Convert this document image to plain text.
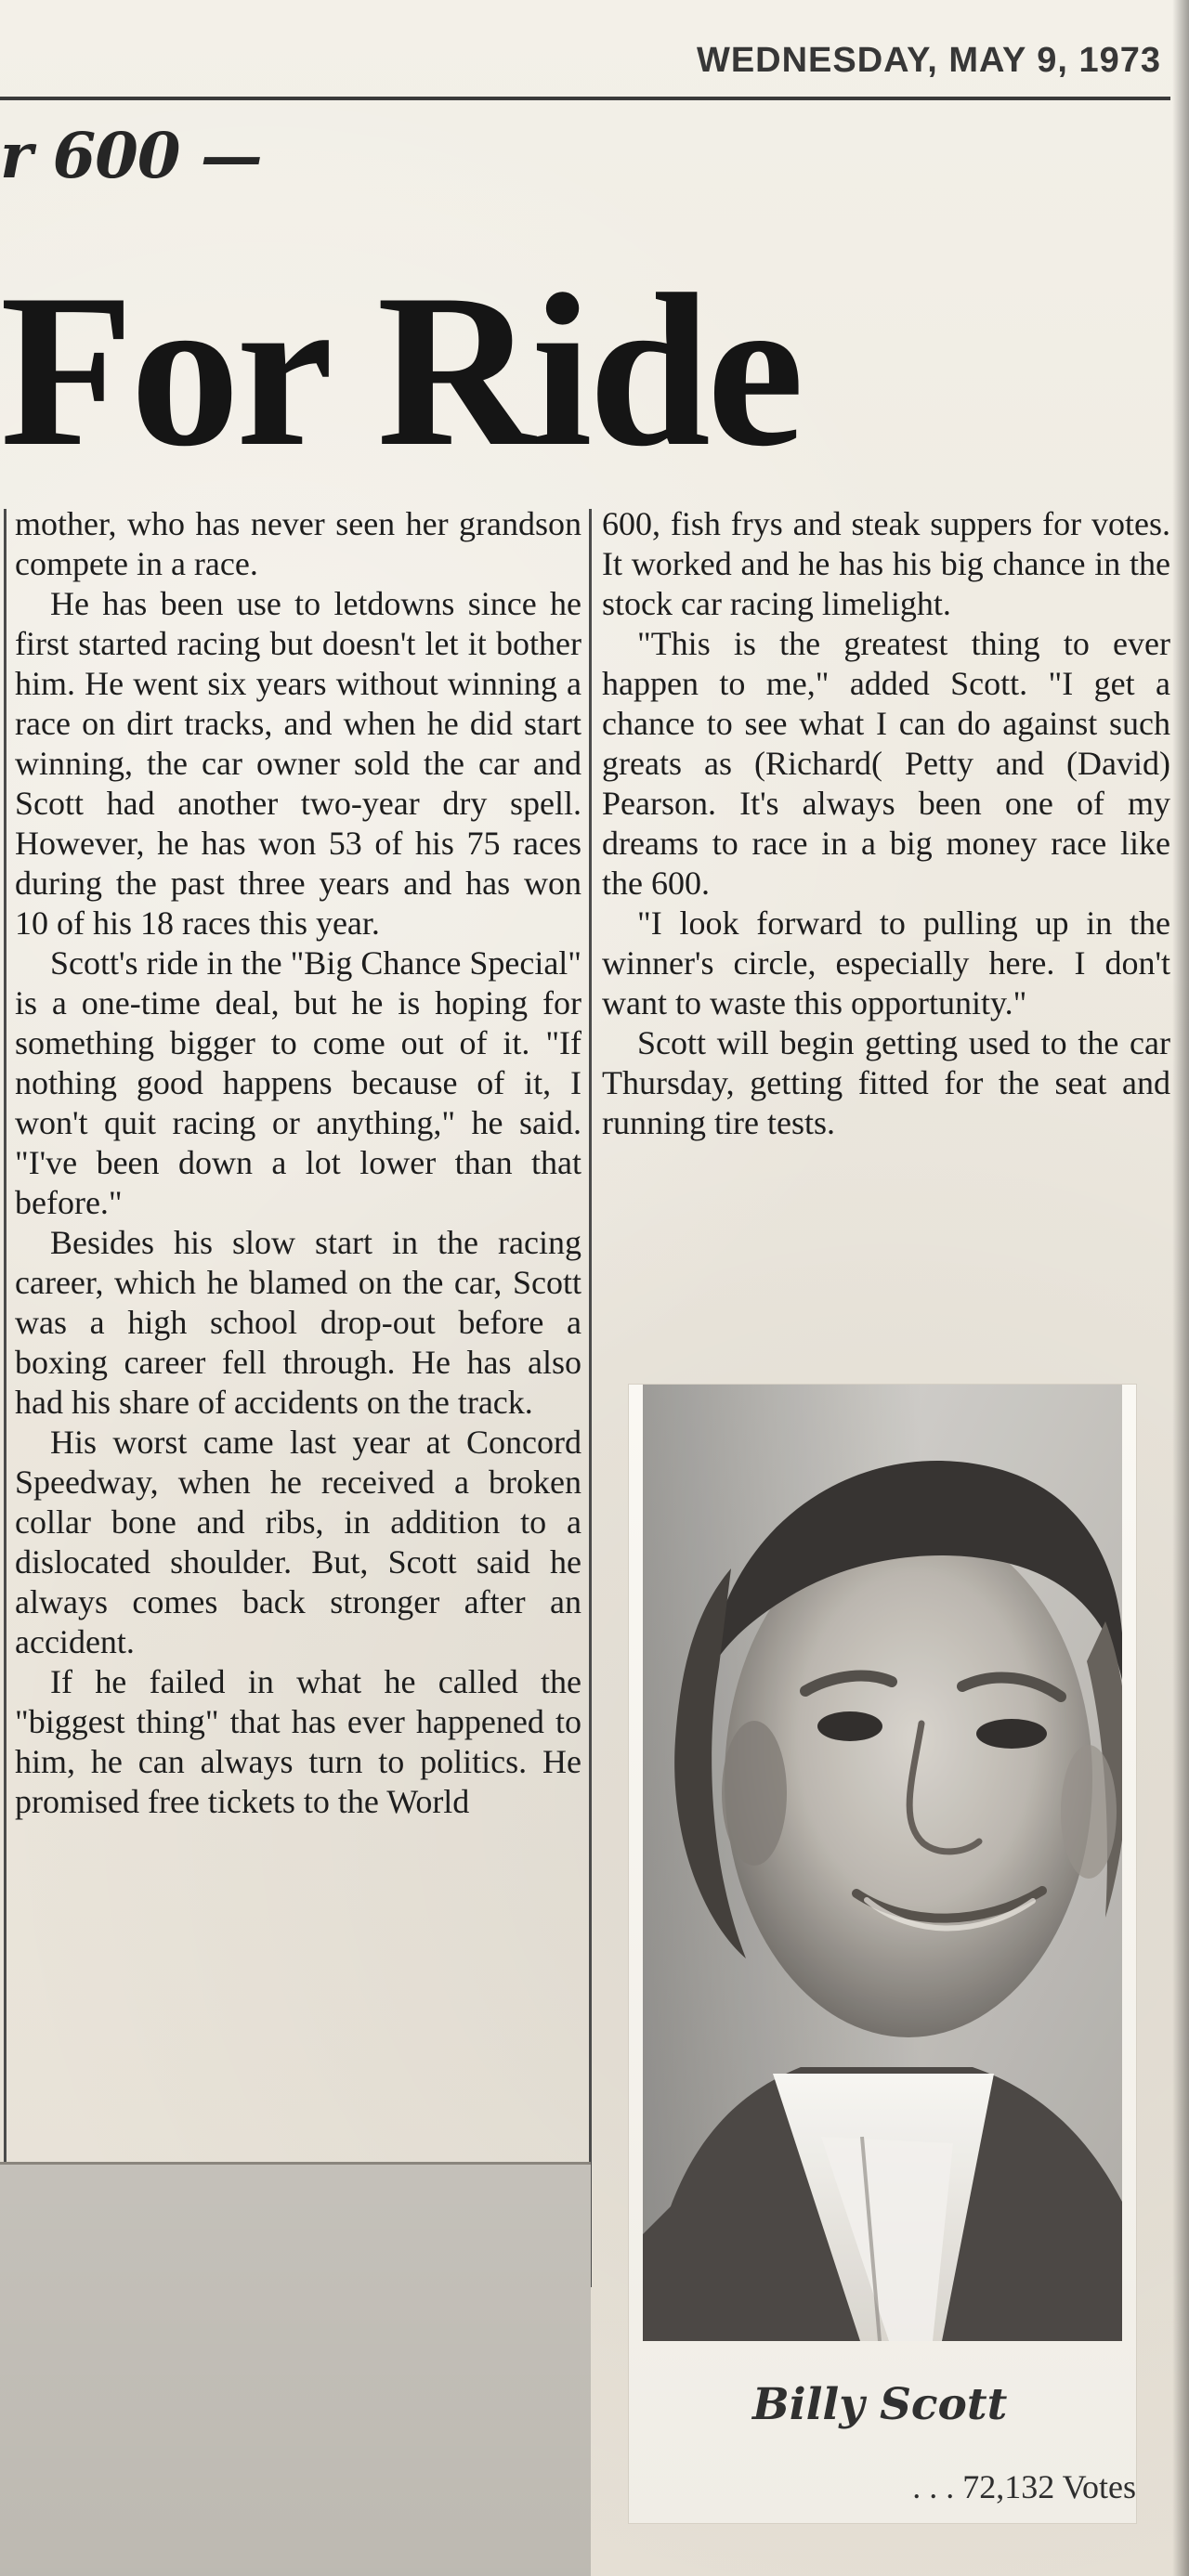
WEDNESDAY, MAY 9, 1973

r 600 —

For Ride

mother, who has never seen her grandson compete in a race.

He has been use to letdowns since he first started racing but doesn't let it bother him. He went six years without winning a race on dirt tracks, and when he did start winning, the car owner sold the car and Scott had another two-year dry spell. However, he has won 53 of his 75 races during the past three years and has won 10 of his 18 races this year.

Scott's ride in the "Big Chance Special" is a one-time deal, but he is hoping for something bigger to come out of it. "If nothing good happens because of it, I won't quit racing or anything," he said. "I've been down a lot lower than that before."

Besides his slow start in the racing career, which he blamed on the car, Scott was a high school drop-out before a boxing career fell through. He has also had his share of accidents on the track.

His worst came last year at Concord Speedway, when he received a broken collar bone and ribs, in addition to a dislocated shoulder. But, Scott said he always comes back stronger after an accident.

If he failed in what he called the "biggest thing" that has ever happened to him, he can always turn to politics. He promised free tickets to the World

600, fish frys and steak suppers for votes. It worked and he has his big chance in the stock car racing limelight.

"This is the greatest thing to ever happen to me," added Scott. "I get a chance to see what I can do against such greats as (Richard( Petty and (David) Pearson. It's always been one of my dreams to race in a big money race like the 600.

"I look forward to pulling up in the winner's circle, especially here. I don't want to waste this opportunity."

Scott will begin getting used to the car Thursday, getting fitted for the seat and running tire tests.

Billy Scott

. . . 72,132 Votes
